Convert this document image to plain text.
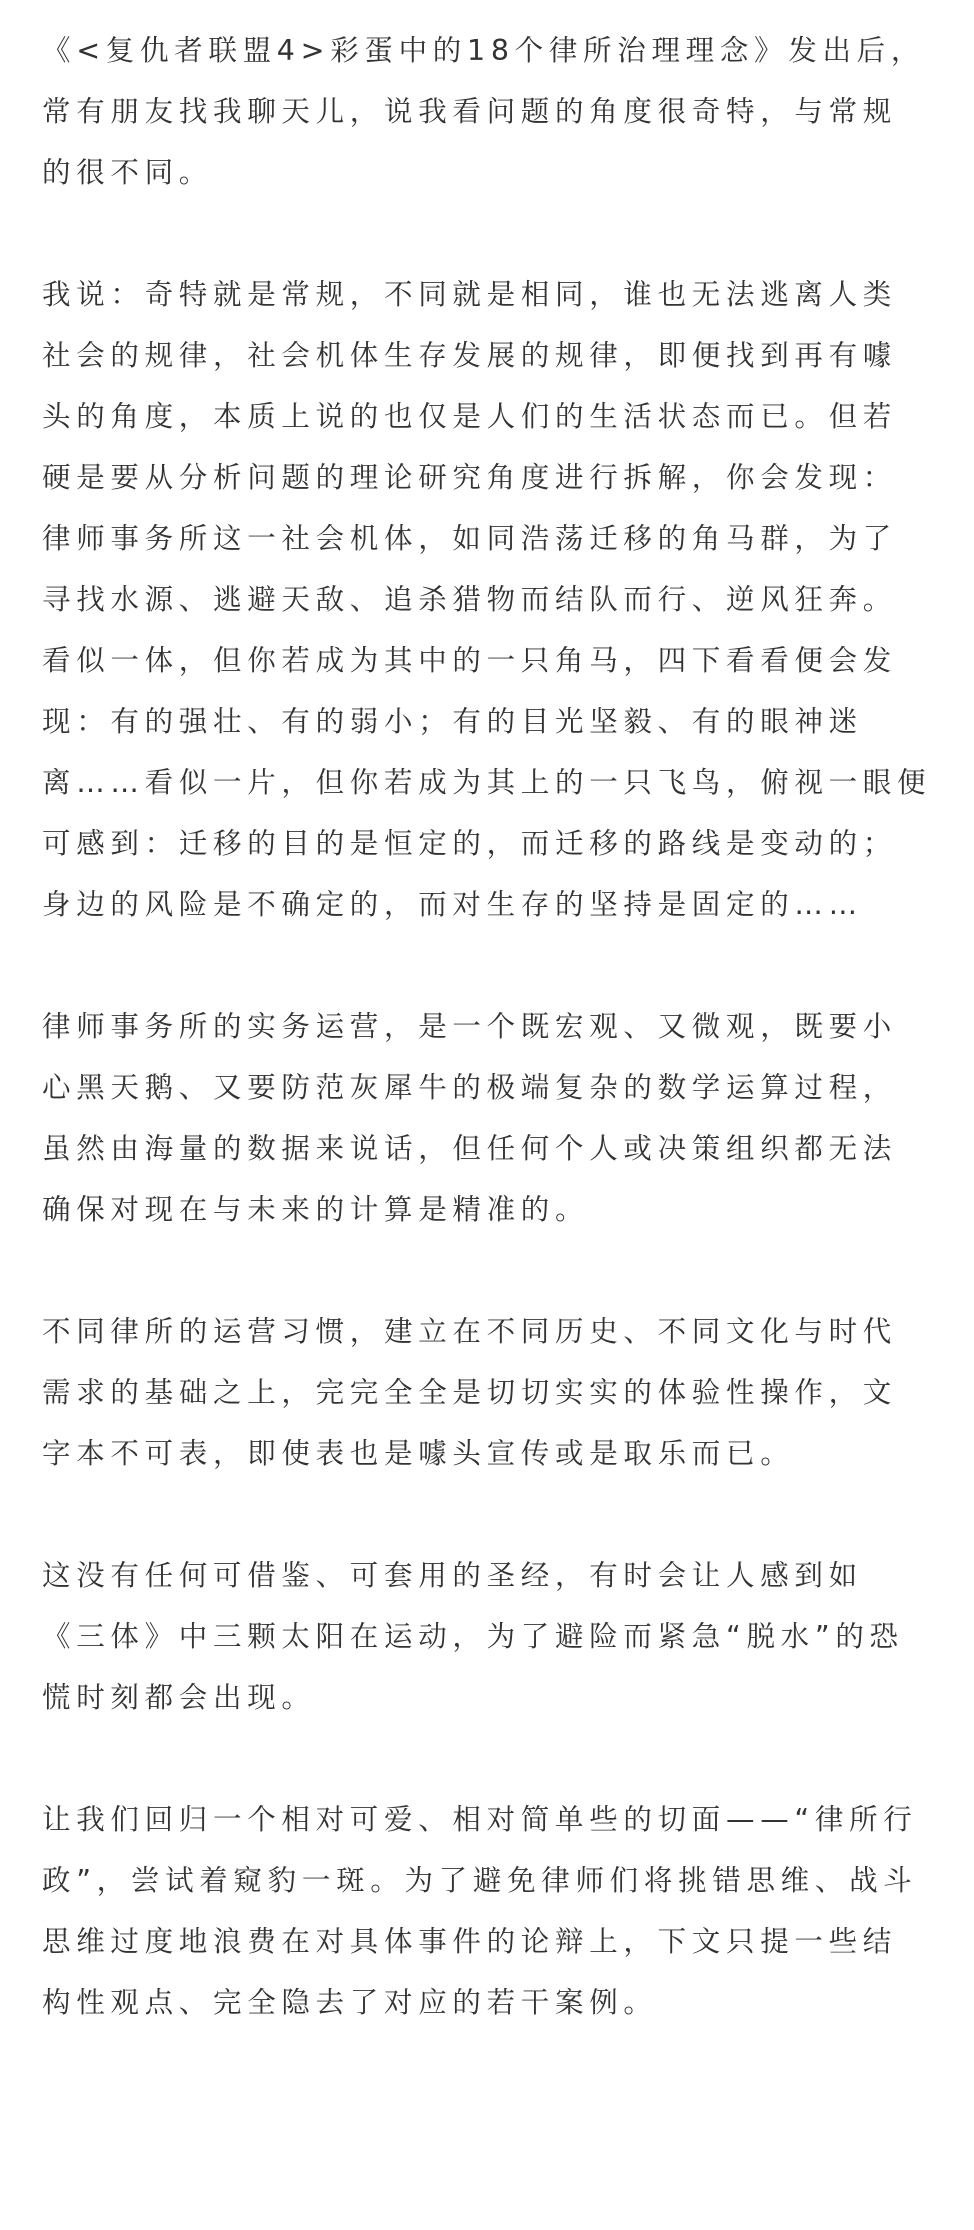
《<复仇者联盟4>彩蛋中的18个律所治理理念》发出后，
常有朋友找我聊天儿，说我看问题的角度很奇特，与常规
的很不同。
我说：奇特就是常规，不同就是相同，谁也无法逃离人类
社会的规律，社会机体生存发展的规律，即便找到再有噱
头的角度，本质上说的也仅是人们的生活状态而已。但若
硬是要从分析问题的理论研究角度进行拆解，你会发现：
律师事务所这一社会机体，如同浩荡迁移的角马群，为了
寻找水源、逃避天敌、追杀猎物而结队而行、逆风狂奔。
看似一体，但你若成为其中的一只角马，四下看看便会发
现：有的强壮、有的弱小；有的目光坚毅、有的眼神迷
离……看似一片，但你若成为其上的一只飞鸟，俯视一眼便
可感到：迁移的目的是恒定的，而迁移的路线是变动的；
身边的风险是不确定的，而对生存的坚持是固定的……
律师事务所的实务运营，是一个既宏观、又微观，既要小
心黑天鹅、又要防范灰犀牛的极端复杂的数学运算过程，
虽然由海量的数据来说话，但任何个人或决策组织都无法
确保对现在与未来的计算是精准的。
不同律所的运营习惯，建立在不同历史、不同文化与时代
需求的基础之上，完完全全是切切实实的体验性操作，文
字本不可表，即使表也是噱头宣传或是取乐而已。
这没有任何可借鉴、可套用的圣经，有时会让人感到如
《三体》中三颗太阳在运动，为了避险而紧急“脱水”的恐
慌时刻都会出现。
让我们回归一个相对可爱、相对简单些的切面——“律所行
政”，尝试着窥豹一斑。为了避免律师们将挑错思维、战斗
思维过度地浪费在对具体事件的论辩上，下文只提一些结
构性观点、完全隐去了对应的若干案例。
